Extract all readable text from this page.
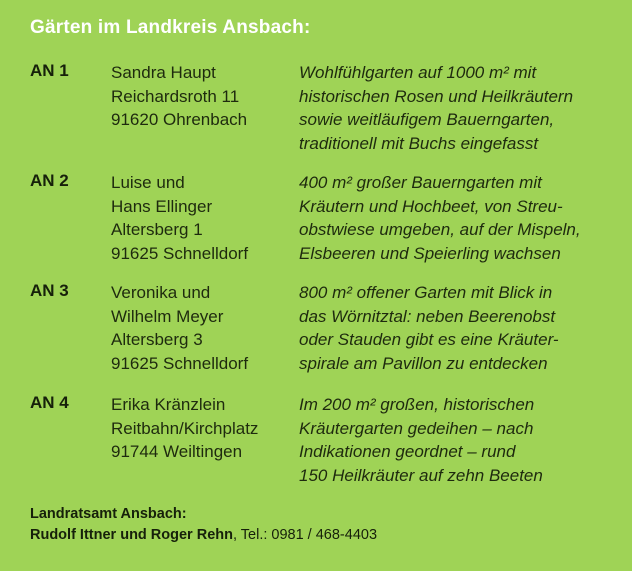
Gärten im Landkreis Ansbach:
AN 1 Sandra Haupt
Reichardsroth 11
91620 Ohrenbach
Wohlfühlgarten auf 1000 m² mit
historischen Rosen und Heilkräutern
sowie weitläufigem Bauerngarten,
traditionell mit Buchs eingefasst
AN 2 Luise und
Hans Ellinger
Altersberg 1
91625 Schnelldorf
400 m² großer Bauerngarten mit
Kräutern und Hochbeet, von Streu-
obstwiese umgeben, auf der Mispeln,
Elsbeeren und Speierling wachsen
AN 3 Veronika und
Wilhelm Meyer
Altersberg 3
91625 Schnelldorf
800 m² offener Garten mit Blick in
das Wörnitztal: neben Beerenobst
oder Stauden gibt es eine Kräuter-
spirale am Pavillon zu entdecken
AN 4 Erika Kränzlein
Reitbahn/Kirchplatz
91744 Weiltingen
Im 200 m² großen, historischen
Kräutergarten gedeihen – nach
Indikationen geordnet – rund
150 Heilkräuter auf zehn Beeten
Landratsamt Ansbach:
Rudolf Ittner und Roger Rehn, Tel.: 0981 / 468-4403
